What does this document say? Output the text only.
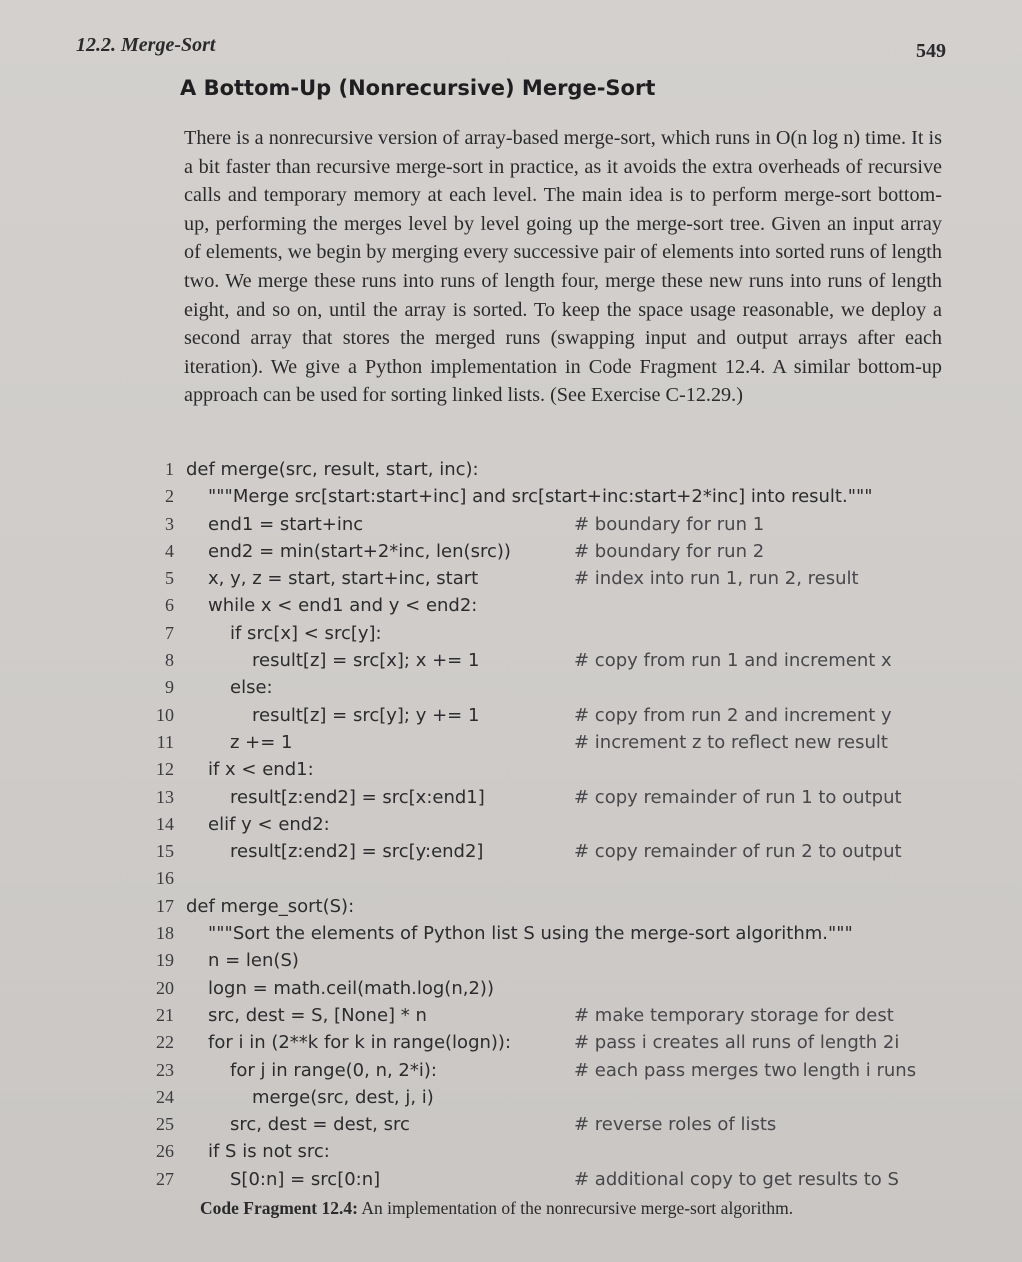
12.2. Merge-Sort	549
A Bottom-Up (Nonrecursive) Merge-Sort
There is a nonrecursive version of array-based merge-sort, which runs in O(n log n) time. It is a bit faster than recursive merge-sort in practice, as it avoids the extra overheads of recursive calls and temporary memory at each level. The main idea is to perform merge-sort bottom-up, performing the merges level by level going up the merge-sort tree. Given an input array of elements, we begin by merging every successive pair of elements into sorted runs of length two. We merge these runs into runs of length four, merge these new runs into runs of length eight, and so on, until the array is sorted. To keep the space usage reasonable, we deploy a second array that stores the merged runs (swapping input and output arrays after each iteration). We give a Python implementation in Code Fragment 12.4. A similar bottom-up approach can be used for sorting linked lists. (See Exercise C-12.29.)
1 def merge(src, result, start, inc):
2 """Merge src[start:start+inc] and src[start+inc:start+2*inc] into result."""
3 end1 = start+inc	# boundary for run 1
4 end2 = min(start+2*inc, len(src))	# boundary for run 2
5 x, y, z = start, start+inc, start	# index into run 1, run 2, result
6 while x < end1 and y < end2:
7	if src[x] < src[y]:
8	result[z] = src[x]; x += 1	# copy from run 1 and increment x
9	else:
10	result[z] = src[y]; y += 1	# copy from run 2 and increment y
11	z += 1	# increment z to reflect new result
12 if x < end1:
13	result[z:end2] = src[x:end1]	# copy remainder of run 1 to output
14 elif y < end2:
15	result[z:end2] = src[y:end2]	# copy remainder of run 2 to output
16
17 def merge_sort(S):
18 """Sort the elements of Python list S using the merge-sort algorithm."""
19 n = len(S)
20 logn = math.ceil(math.log(n,2))
21 src, dest = S, [None] * n	# make temporary storage for dest
22 for i in (2**k for k in range(logn)):	# pass i creates all runs of length 2i
23	for j in range(0, n, 2*i):	# each pass merges two length i runs
24	merge(src, dest, j, i)
25	src, dest = dest, src	# reverse roles of lists
26 if S is not src:
27	S[0:n] = src[0:n]	# additional copy to get results to S
Code Fragment 12.4: An implementation of the nonrecursive merge-sort algorithm.
